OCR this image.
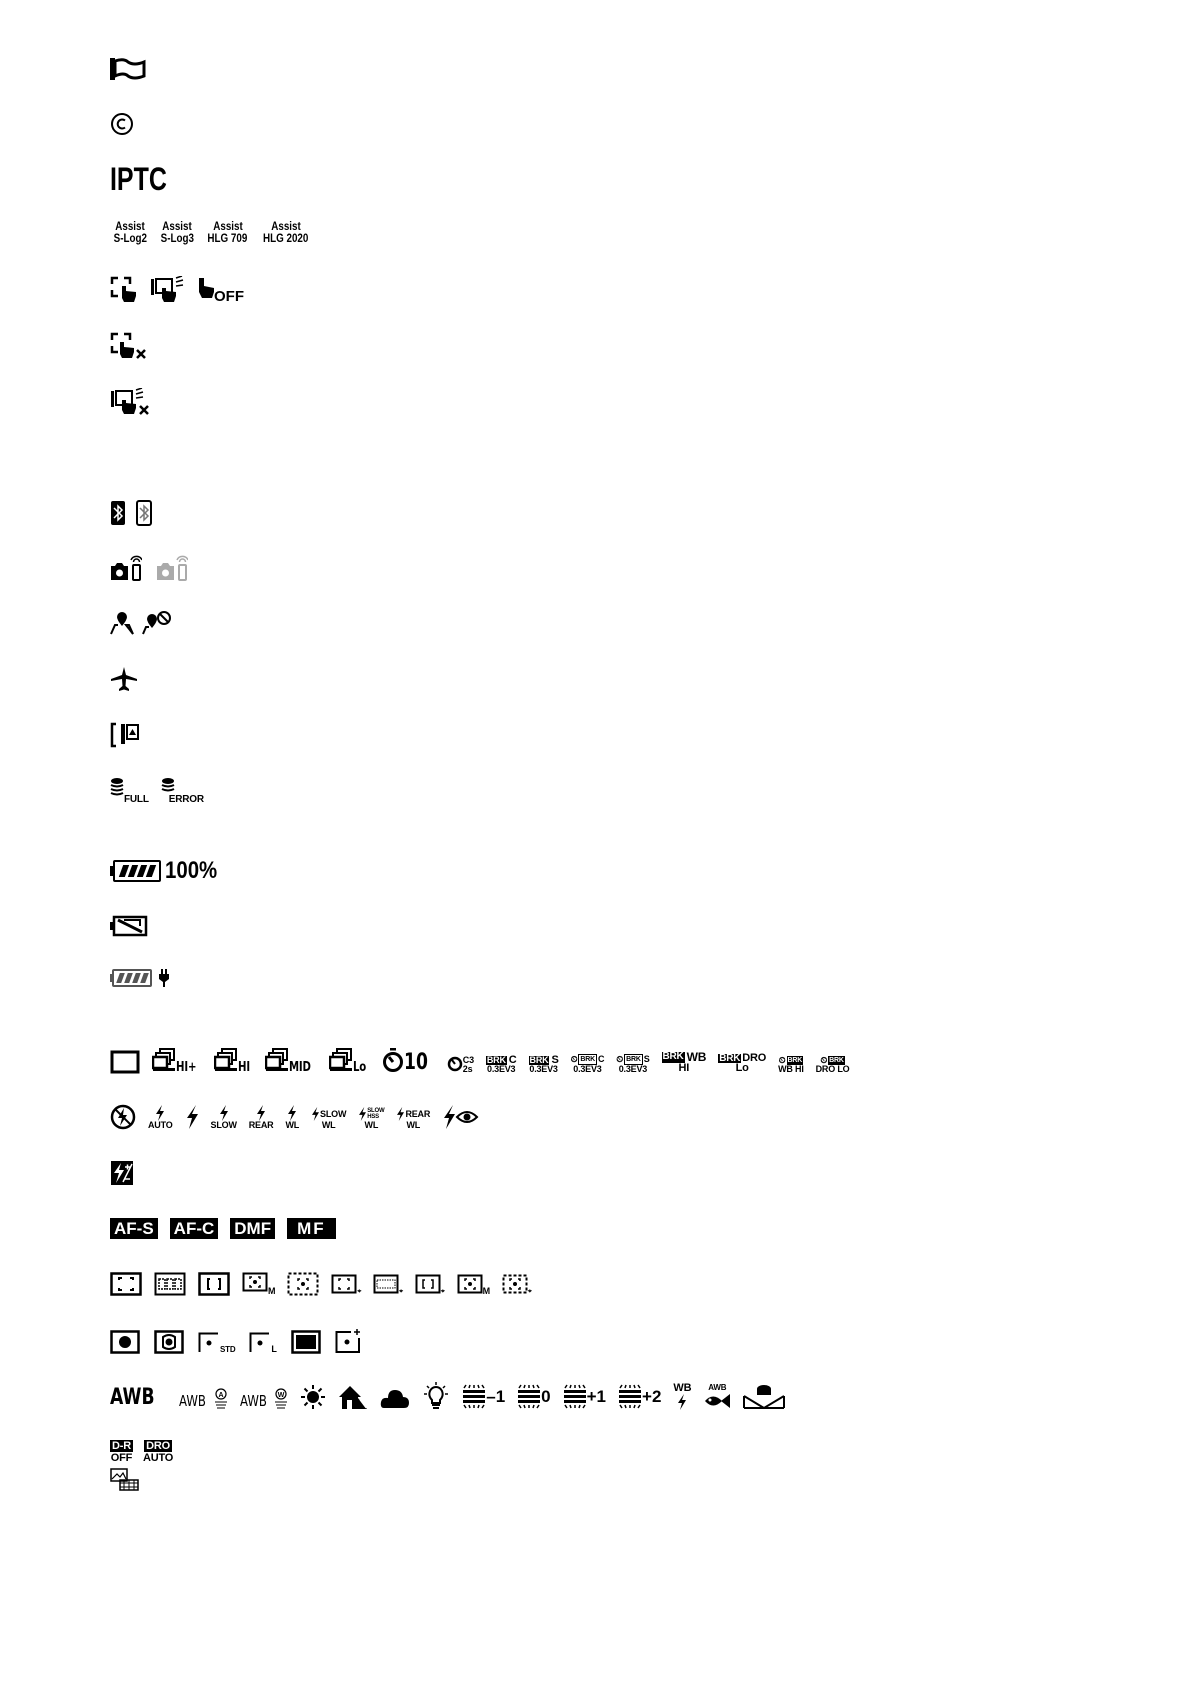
IPTC
Assist
S-Log2
Assist
S-Log3
Assist
HLG 709
Assist
HLG 2020
OFF
FULL ERROR
100%
HI+	HI	MID	Lo 10	C3
2s
BRK C
0.3EV3
BRK S
0.3EV3
⏲ BRK C
0.3EV3
⏲ BRK S
0.3EV3
BRK WB
HI
BRK DRO
Lo
⏲ BRK
WB HI
⏲ BRK
DRO LO
AUTO	SLOW REAR WL
SLOW
WL
SLOW
HSS
WL
REAR
WL
AF-S AF-C DMF	MF
M	⌖	⌖	⌖	M	⌖
STD	L
AWB AWB A AWB W	–1 0 +1 +2 WB AWB
D-R
OFF
DRO
AUTO
